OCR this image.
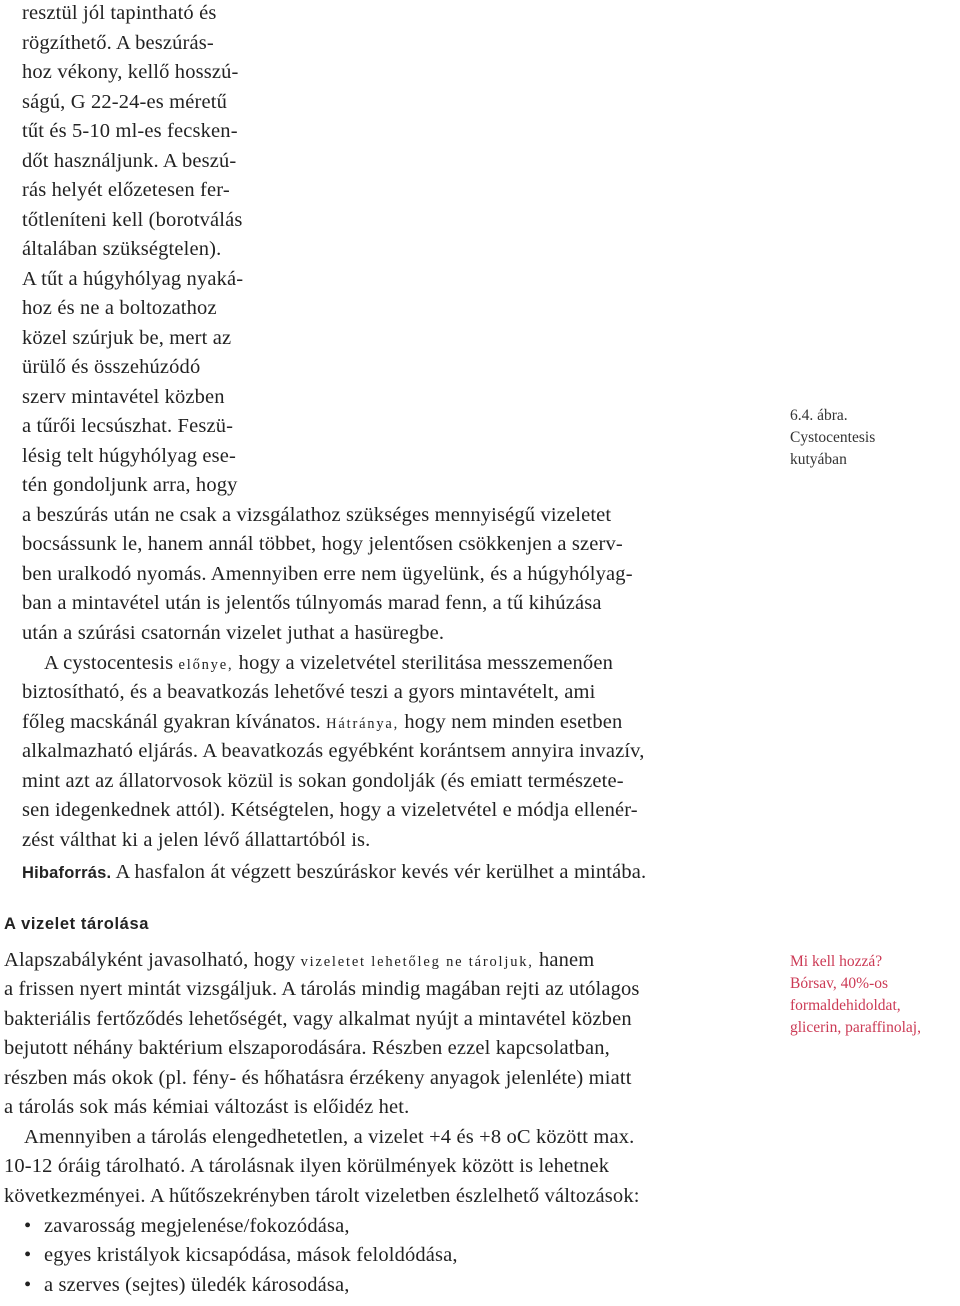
resztül jól tapintható és
rögzíthető. A beszúrás-
hoz vékony, kellő hosszú-
ságú, G 22-24-es méretű
tűt és 5-10 ml-es fecsken-
dőt használjunk. A beszú-
rás helyét előzetesen fer-
tőtleníteni kell (borotválás
általában szükségtelen).
A tűt a húgyhólyag nyaká-
hoz és ne a boltozathoz
közel szúrjuk be, mert az
ürülő és összehúzódó
szerv mintavétel közben
a tűrői lecsúszhat. Feszü-
lésig telt húgyhólyag ese-
tén gondoljunk arra, hogy
6.4. ábra.
Cystocentesis
kutyában
a beszúrás után ne csak a vizsgálathoz szükséges mennyiségű vizeletet
bocsássunk le, hanem annál többet, hogy jelentősen csökkenjen a szerv-
ben uralkodó nyomás. Amennyiben erre nem ügyelünk, és a húgyhólyag-
ban a mintavétel után is jelentős túlnyomás marad fenn, a tű kihúzása
után a szúrási csatornán vizelet juthat a hasüregbe.
A cystocentesis előnye, hogy a vizeletvétel sterilitása messzemenően
biztosítható, és a beavatkozás lehetővé teszi a gyors mintavételt, ami
főleg macskánál gyakran kívánatos. Hátránya, hogy nem minden esetben
alkalmazható eljárás. A beavatkozás egyébként korántsem annyira invazív,
mint azt az állatorvosok közül is sokan gondolják (és emiatt természete-
sen idegenkednek attól). Kétségtelen, hogy a vizeletvétel e módja ellenér-
zést válthat ki a jelen lévő állattartóból is.
Hibaforrás. A hasfalon át végzett beszúráskor kevés vér kerülhet a mintába.
A vizelet tárolása
Alapszabályként javasolható, hogy vizeletet lehetőleg ne tároljuk, hanem
a frissen nyert mintát vizsgáljuk. A tárolás mindig magában rejti az utólagos
bakteriális fertőződés lehetőségét, vagy alkalmat nyújt a mintavétel közben
bejutott néhány baktérium elszaporodására. Részben ezzel kapcsolatban,
részben más okok (pl. fény- és hőhatásra érzékeny anyagok jelenléte) miatt
a tárolás sok más kémiai változást is előidéz het.
Mi kell hozzá?
Bórsav, 40%-os
formaldehidoldat,
glicerin, paraffinolaj,
Amennyiben a tárolás elengedhetetlen, a vizelet +4 és +8 oC között max.
10-12 óráig tárolható. A tárolásnak ilyen körülmények között is lehetnek
következményei. A hűtőszekrényben tárolt vizeletben észlelhető változások:
• zavarosság megjelenése/fokozódása,
• egyes kristályok kicsapódása, mások feloldódása,
• a szerves (sejtes) üledék károsodása,
